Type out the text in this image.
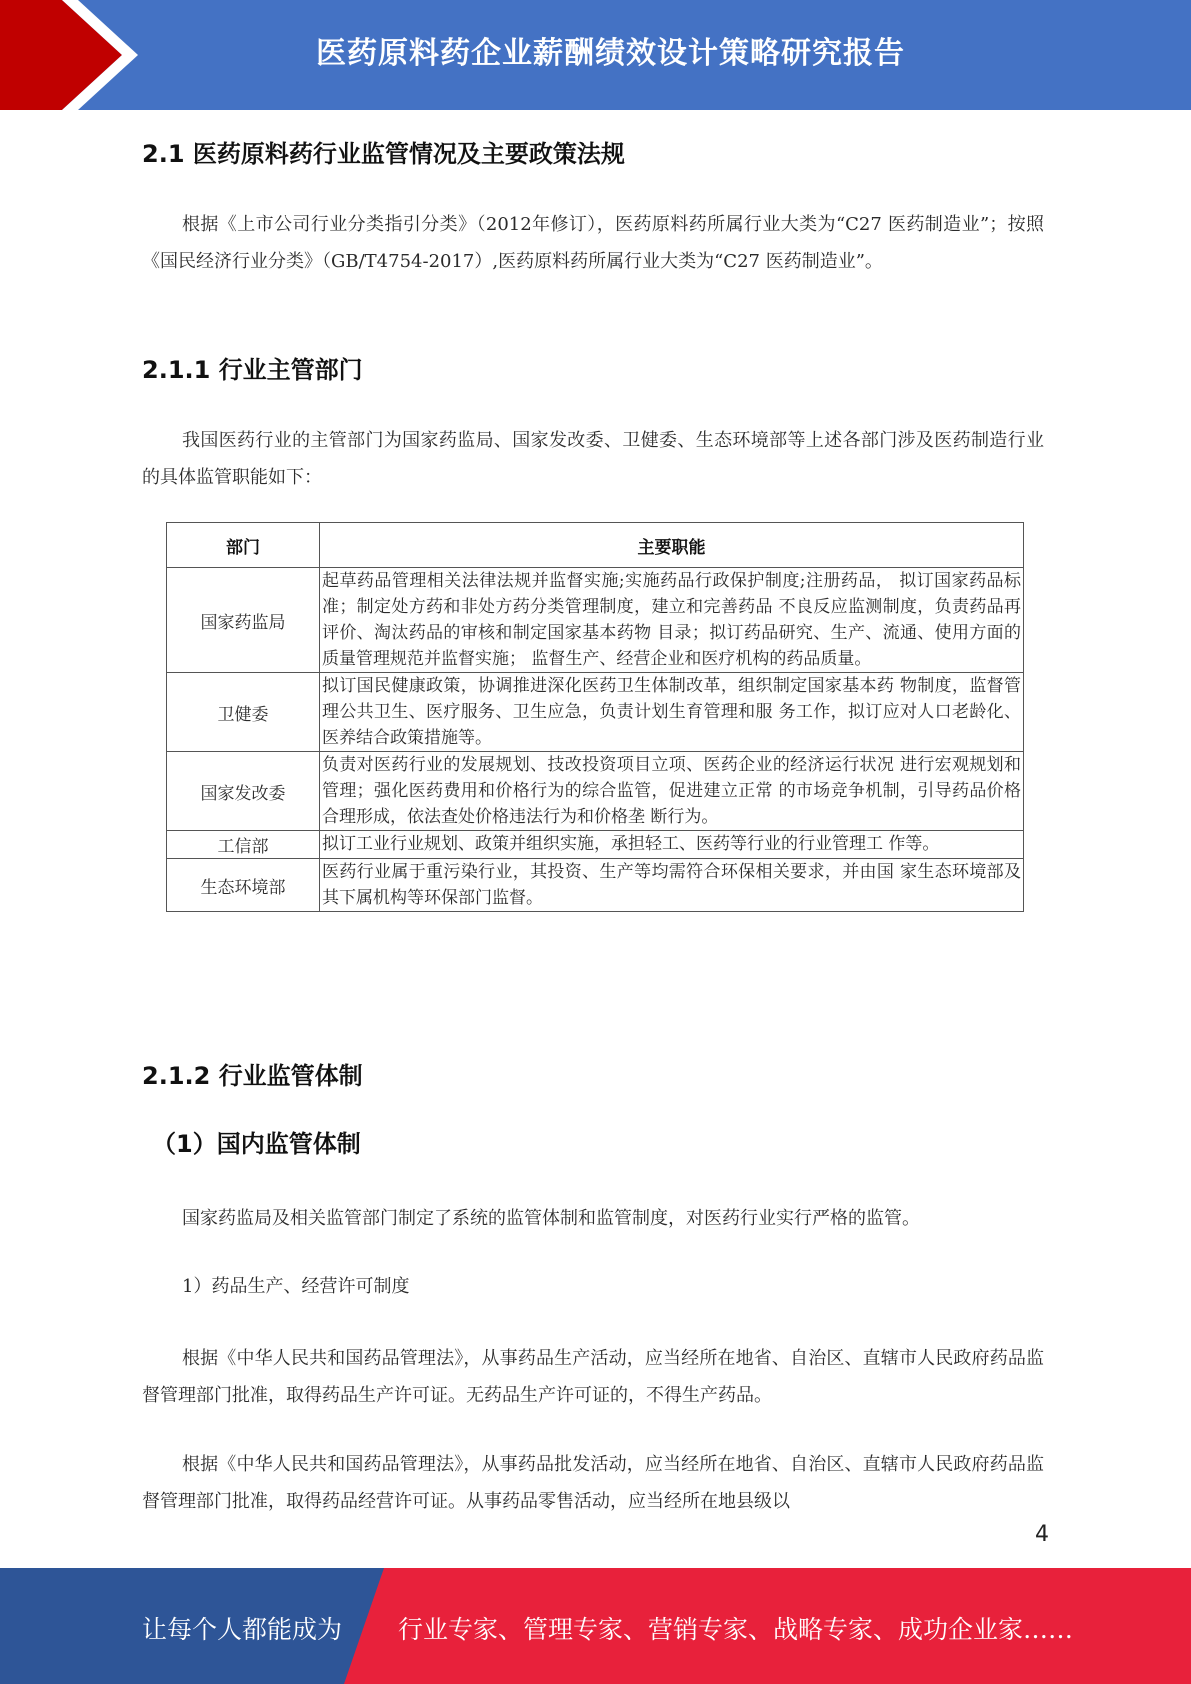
医药原料药企业薪酬绩效设计策略研究报告
2.1 医药原料药行业监管情况及主要政策法规

根据《上市公司行业分类指引分类》（2012年修订），医药原料药所属行业大类为“C27 医药制造业”；按照《国民经济行业分类》（GB/T4754-2017）,医药原料药所属行业大类为“C27 医药制造业”。

2.1.1 行业主管部门

我国医药行业的主管部门为国家药监局、国家发改委、卫健委、生态环境部等上述各部门涉及医药制造行业的具体监管职能如下：

部门	主要职能
国家药监局	起草药品管理相关法律法规并监督实施;实施药品行政保护制度;注册药品， 拟订国家药品标准；制定处方药和非处方药分类管理制度，建立和完善药品 不良反应监测制度，负责药品再评价、淘汰药品的审核和制定国家基本药物 目录；拟订药品研究、生产、流通、使用方面的质量管理规范并监督实施； 监督生产、经营企业和医疗机构的药品质量。
卫健委	拟订国民健康政策，协调推进深化医药卫生体制改革，组织制定国家基本药 物制度，监督管理公共卫生、医疗服务、卫生应急，负责计划生育管理和服 务工作，拟订应对人口老龄化、医养结合政策措施等。
国家发改委	负责对医药行业的发展规划、技改投资项目立项、医药企业的经济运行状况 进行宏观规划和管理；强化医药费用和价格行为的综合监管，促进建立正常 的市场竞争机制，引导药品价格合理形成，依法查处价格违法行为和价格垄 断行为。
工信部	拟订工业行业规划、政策并组织实施，承担轻工、医药等行业的行业管理工 作等。
生态环境部	医药行业属于重污染行业，其投资、生产等均需符合环保相关要求，并由国 家生态环境部及其下属机构等环保部门监督。
2.1.2 行业监管体制
（1）国内监管体制

国家药监局及相关监管部门制定了系统的监管体制和监管制度，对医药行业实行严格的监管。

1）药品生产、经营许可制度

根据《中华人民共和国药品管理法》，从事药品生产活动，应当经所在地省、自治区、直辖市人民政府药品监督管理部门批准，取得药品生产许可证。无药品生产许可证的，不得生产药品。

根据《中华人民共和国药品管理法》，从事药品批发活动，应当经所在地省、自治区、直辖市人民政府药品监督管理部门批准，取得药品经营许可证。从事药品零售活动，应当经所在地县级以

4
让每个人都能成为 行业专家、管理专家、营销专家、战略专家、成功企业家……
